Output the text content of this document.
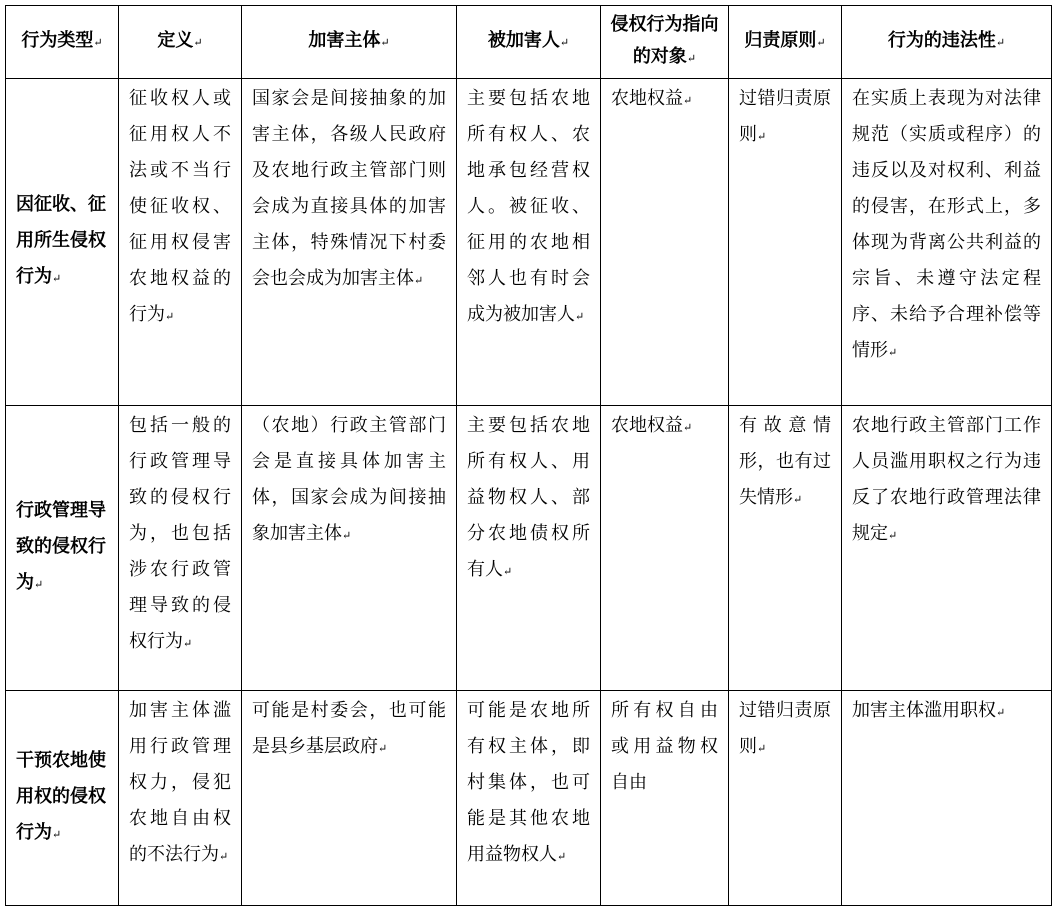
行为类型↵	定义↵	加害主体↵	被加害人↵	侵权行为指向的对象↵	归责原则↵	行为的违法性↵
因征收、征用所生侵权行为↵	征收权人或征用权人不法或不当行使征收权、征用权侵害农地权益的行为↵	国家会是间接抽象的加害主体，各级人民政府及农地行政主管部门则会成为直接具体的加害主体，特殊情况下村委会也会成为加害主体↵	主要包括农地所有权人、农地承包经营权人。被征收、征用的农地相邻人也有时会成为被加害人↵	农地权益↵	过错归责原则↵	在实质上表现为对法律规范（实质或程序）的违反以及对权利、利益的侵害，在形式上，多体现为背离公共利益的宗旨、未遵守法定程序、未给予合理补偿等情形↵
行政管理导致的侵权行为↵	包括一般的行政管理导致的侵权行为，也包括涉农行政管理导致的侵权行为↵	（农地）行政主管部门会是直接具体加害主体，国家会成为间接抽象加害主体↵	主要包括农地所有权人、用益物权人、部分农地债权所有人↵	农地权益↵	有故意情形，也有过失情形↵	农地行政主管部门工作人员滥用职权之行为违反了农地行政管理法律规定↵
干预农地使用权的侵权行为↵	加害主体滥用行政管理权力，侵犯农地自由权的不法行为↵	可能是村委会，也可能是县乡基层政府↵	可能是农地所有权主体，即村集体，也可能是其他农地用益物权人↵	所有权自由或用益物权自由	过错归责原则↵	加害主体滥用职权↵
